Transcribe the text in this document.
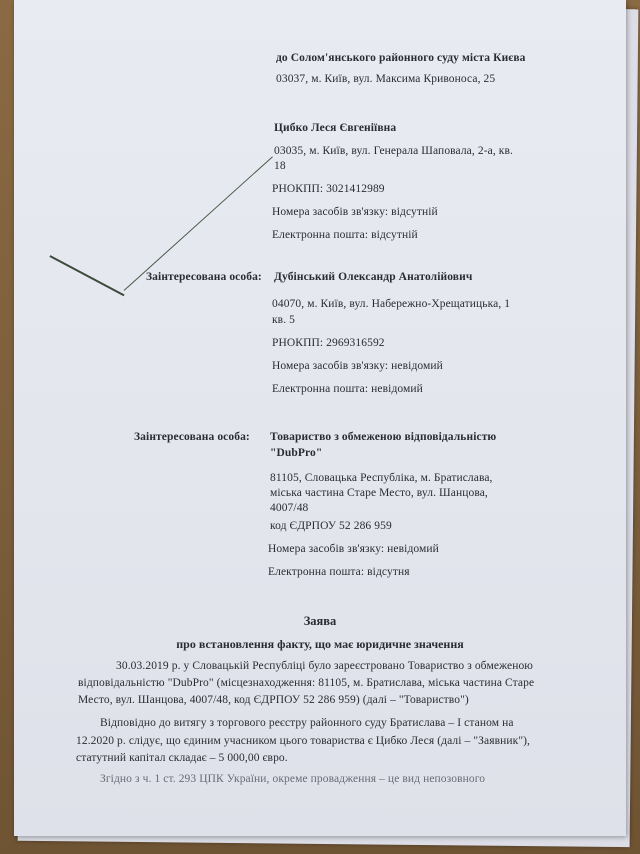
до Солом'янського районного суду міста Києва
03037, м. Київ, вул. Максима Кривоноса, 25
Цибко Леся Євгеніївна
03035, м. Київ, вул. Генерала Шаповала, 2-а, кв.
18
РНОКПП: 3021412989
Номера засобів зв'язку: відсутній
Електронна пошта: відсутній
Заінтересована особа: Дубінський Олександр Анатолійович
04070, м. Київ, вул. Набережно-Хрещатицька, 1
кв. 5
РНОКПП: 2969316592
Номера засобів зв'язку: невідомий
Електронна пошта: невідомий
Заінтересована особа: Товариство з обмеженою відповідальністю
"DubPro"
81105, Словацька Республіка, м. Братислава,
міська частина Старе Место, вул. Шанцова,
4007/48
код ЄДРПОУ 52 286 959
Номера засобів зв'язку: невідомий
Електронна пошта: відсутня
Заява
про встановлення факту, що має юридичне значення
30.03.2019 р. у Словацькій Республіці було зареєстровано Товариство з обмеженою
відповідальністю "DubPro" (місцезнаходження: 81105, м. Братислава, міська частина Старе
Место, вул. Шанцова, 4007/48, код ЄДРПОУ 52 286 959) (далі – "Товариство")
Відповідно до витягу з торгового реєстру районного суду Братислава – I станом на
12.2020 р. слідує, що єдиним учасником цього товариства є Цибко Леся (далі – "Заявник"),
статутний капітал складає – 5 000,00 євро.
Згідно з ч. 1 ст. 293 ЦПК України, окреме провадження – це вид непозовного
